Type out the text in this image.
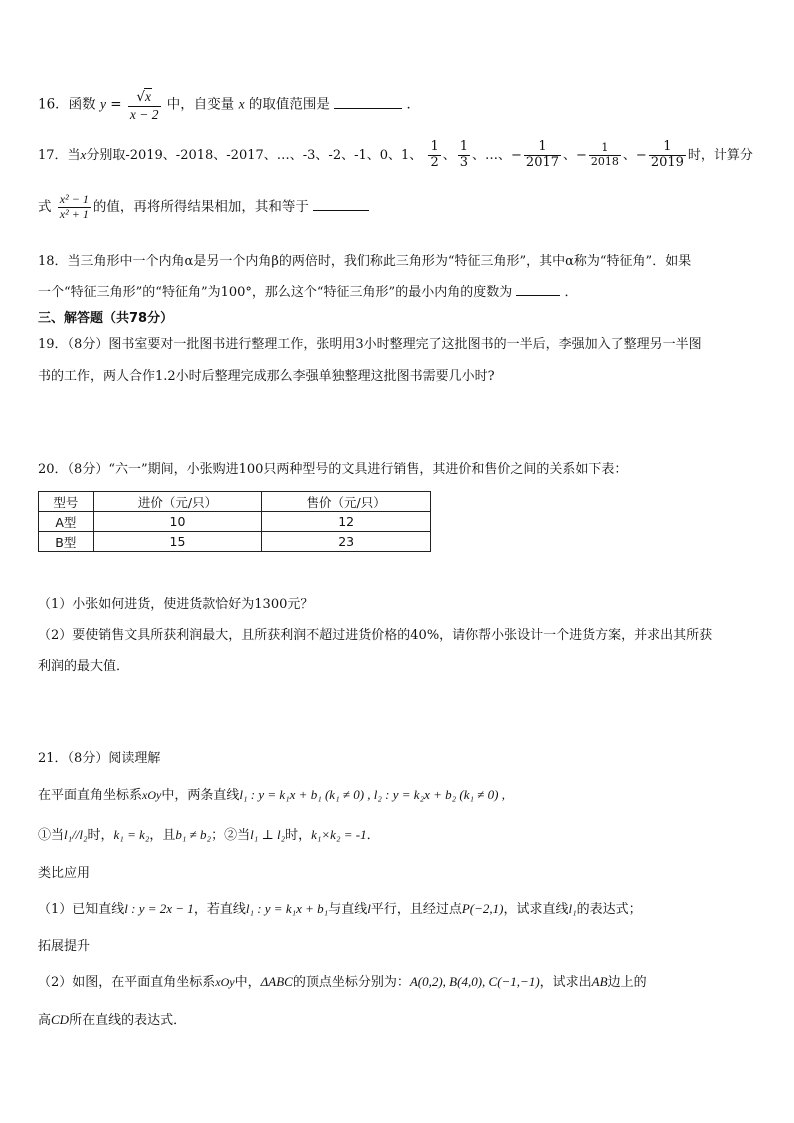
16．函数 $y = \frac{√x}{x - 2}$ 中，自变量 x 的取值范围是	．
17．当x分别取-2019、-2018、-2017、…、-3、-2、-1、0、1、 $\frac{1}{2}$ 、 $\frac{1}{3}$ 、…、− $\frac{1}{2017}$ 、− $\frac{1}{2018}$ 、− $\frac{1}{2019}$ 时，计算分
式 $\frac{\text{x² − 1}}{\text{x² + 1}}$ 的值，再将所得结果相加，其和等于
18．当三角形中一个内角α是另一个内角β的两倍时，我们称此三角形为“特征三角形”，其中α称为“特征角”．如果
一个“特征三角形”的“特征角”为100°，那么这个“特征三角形”的最小内角的度数为	．
三、解答题（共78分）
19．（8分）图书室要对一批图书进行整理工作，张明用3小时整理完了这批图书的一半后，李强加入了整理另一半图
书的工作，两人合作1.2小时后整理完成那么李强单独整理这批图书需要几小时?
20．（8分）“六一”期间，小张购进100只两种型号的文具进行销售，其进价和售价之间的关系如下表：
型号	进价（元/只）	售价（元/只）
A型	10	12
B型	15	23
（1）小张如何进货，使进货款恰好为1300元？
（2）要使销售文具所获利润最大，且所获利润不超过进货价格的40%，请你帮小张设计一个进货方案，并求出其所获
利润的最大值．
21．（8分）阅读理解
在平面直角坐标系xOy中，两条直线l₁ : y = k₁x + b₁ (k₁ ≠ 0) , l₂ : y = k₂x + b₂ (k₁ ≠ 0) ,
①当l₁//l₂时，k₁ = k₂，且b₁ ≠ b₂；②当l₁ ⊥ l₂时，k₁×k₂ = -1．
类比应用
（1）已知直线l : y = 2x − 1，若直线l₁ : y = k₁x + b₁与直线l平行，且经过点P(−2,1)，试求直线l₁的表达式；
拓展提升
（2）如图，在平面直角坐标系xOy中，ΔABC的顶点坐标分别为：A(0,2), B(4,0), C(−1,−1)，试求出AB边上的
高CD所在直线的表达式．
